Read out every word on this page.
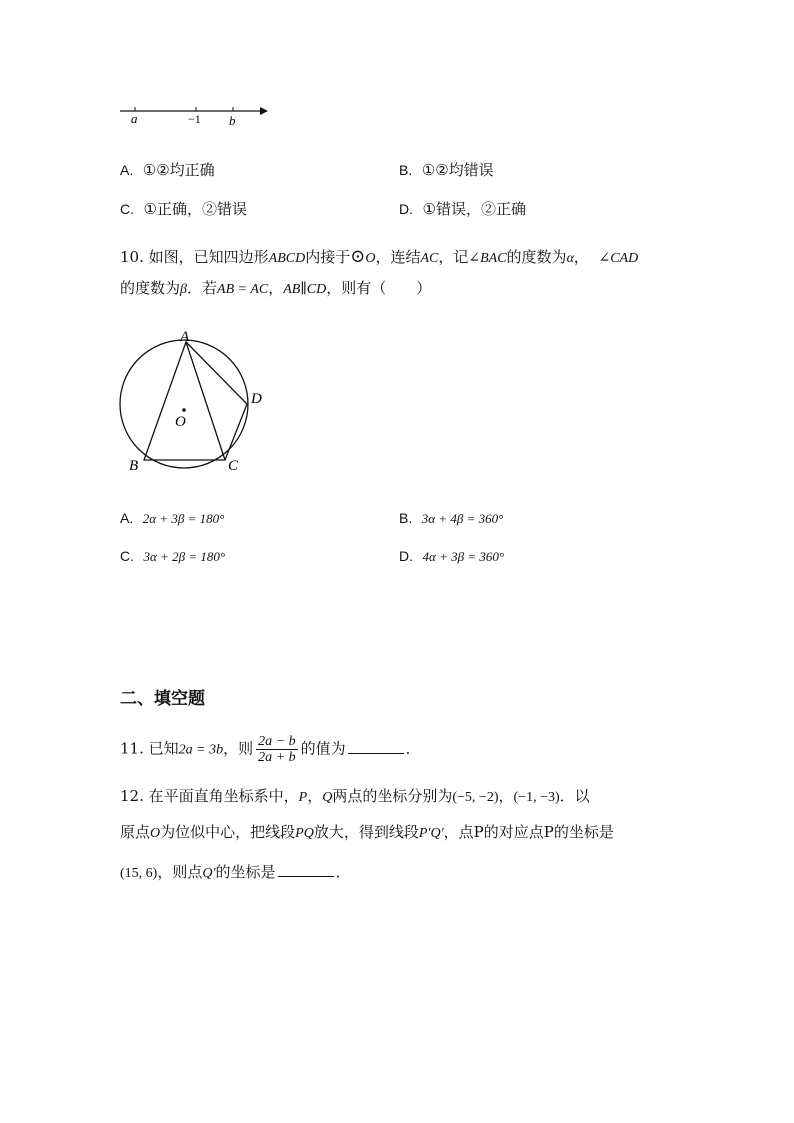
a	−1 b
A. ①②均正确	B. ①②均错误
C. ①正确，②错误	D. ①错误，②正确
10. 如图，已知四边形ABCD内接于⊙O，连结AC，记∠BAC的度数为α， ∠CAD
的度数为β．若AB = AC，AB∥CD，则有（　　）
A
B	C
D
O
A. 2α + 3β = 180°	B. 3α + 4β = 360°
C. 3α + 2β = 180°	D. 4α + 3β = 360°
二、填空题
11. 已知2a = 3b，则 $\frac{2a - b}{2a + b}$ 的值为	．
12. 在平面直角坐标系中，P，Q两点的坐标分别为(−5, −2)，(−1, −3)．以
原点O为位似中心，把线段PQ放大，得到线段P′Q′，点P的对应点P的坐标是
(15, 6)，则点Q′的坐标是	．
